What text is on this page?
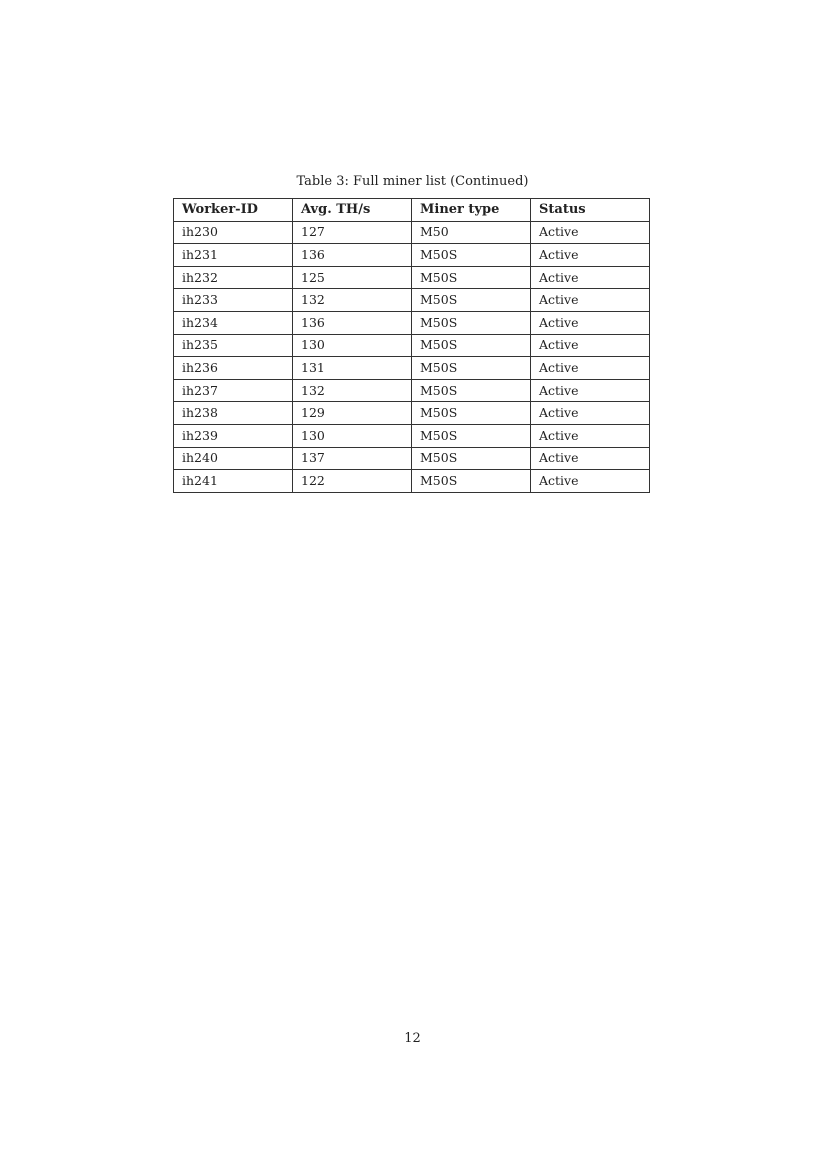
Table 3: Full miner list (Continued)
Worker-ID	Avg. TH/s	Miner type	Status
ih230	127	M50	Active
ih231	136	M50S	Active
ih232	125	M50S	Active
ih233	132	M50S	Active
ih234	136	M50S	Active
ih235	130	M50S	Active
ih236	131	M50S	Active
ih237	132	M50S	Active
ih238	129	M50S	Active
ih239	130	M50S	Active
ih240	137	M50S	Active
ih241	122	M50S	Active
12
